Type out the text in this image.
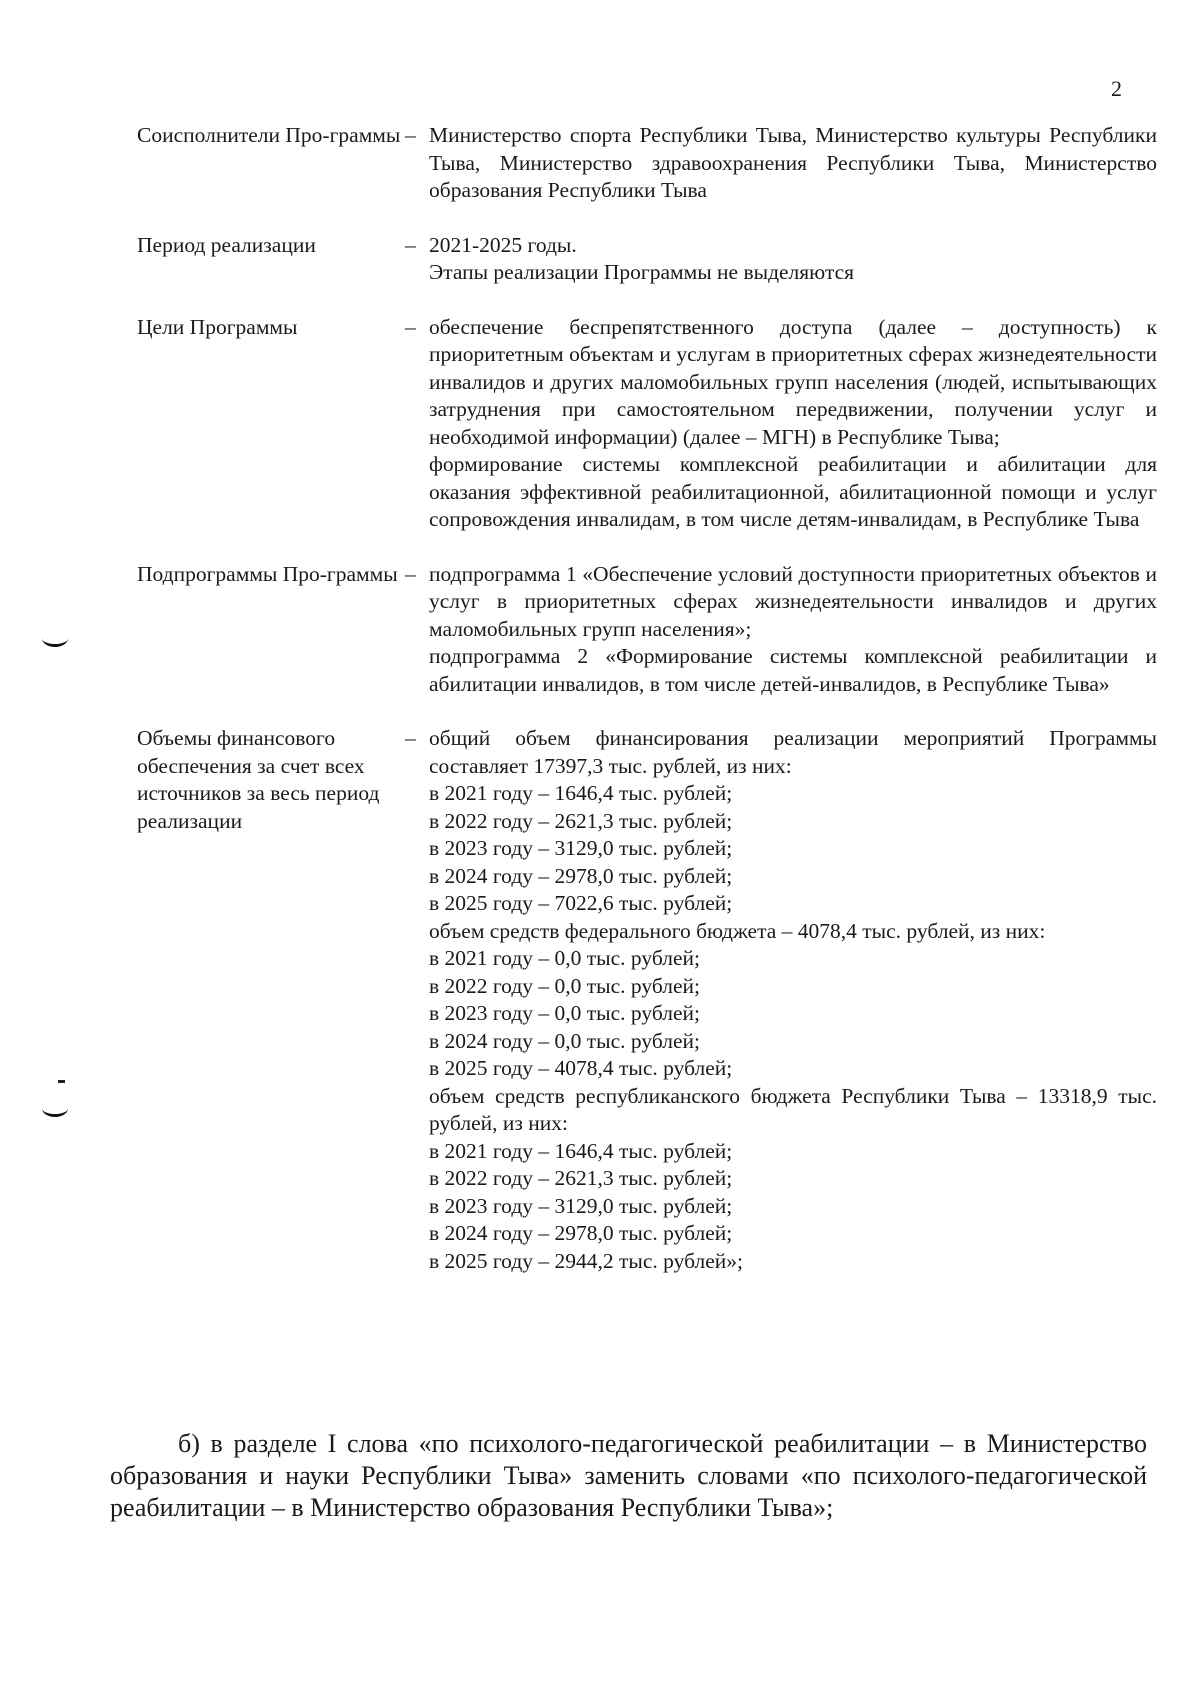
2
Соисполнители Про-граммы – Министерство спорта Республики Тыва, Министерство культуры Республики Тыва, Министерство здравоохранения Республики Тыва, Министерство образования Республики Тыва

Период реализации	– 2021-2025 годы.

Этапы реализации Программы не выделяются

Цели Программы	– обеспечение беспрепятственного доступа (далее – доступность) к приоритетным объектам и услугам в приоритетных сферах жизнедеятельности инвалидов и других маломобильных групп населения (людей, испытывающих затруднения при самостоятельном передвижении, получении услуг и необходимой информации) (далее – МГН) в Республике Тыва;

формирование системы комплексной реабилитации и абилитации для оказания эффективной реабилитационной, абилитационной помощи и услуг сопровождения инвалидам, в том числе детям-инвалидам, в Республике Тыва

Подпрограммы Про-граммы – подпрограмма 1 «Обеспечение условий доступности приоритетных объектов и услуг в приоритетных сферах жизнедеятельности инвалидов и других маломобильных групп населения»;

подпрограмма 2 «Формирование системы комплексной реабилитации и абилитации инвалидов, в том числе детей-инвалидов, в Республике Тыва»

Объемы финансового обеспечения за счет всех источников за весь период реализации
– общий объем финансирования реализации мероприятий Программы составляет 17397,3 тыс. рублей, из них:

в 2021 году – 1646,4 тыс. рублей;

в 2022 году – 2621,3 тыс. рублей;

в 2023 году – 3129,0 тыс. рублей;

в 2024 году – 2978,0 тыс. рублей;

в 2025 году – 7022,6 тыс. рублей;

объем средств федерального бюджета – 4078,4 тыс. рублей, из них:

в 2021 году – 0,0 тыс. рублей;

в 2022 году – 0,0 тыс. рублей;

в 2023 году – 0,0 тыс. рублей;

в 2024 году – 0,0 тыс. рублей;

в 2025 году – 4078,4 тыс. рублей;

объем средств республиканского бюджета Республики Тыва – 13318,9 тыс. рублей, из них:

в 2021 году – 1646,4 тыс. рублей;

в 2022 году – 2621,3 тыс. рублей;

в 2023 году – 3129,0 тыс. рублей;

в 2024 году – 2978,0 тыс. рублей;

в 2025 году – 2944,2 тыс. рублей»;

б) в разделе I слова «по психолого-педагогической реабилитации – в Министерство образования и науки Республики Тыва» заменить словами «по психолого-педагогической реабилитации – в Министерство образования Республики Тыва»;
